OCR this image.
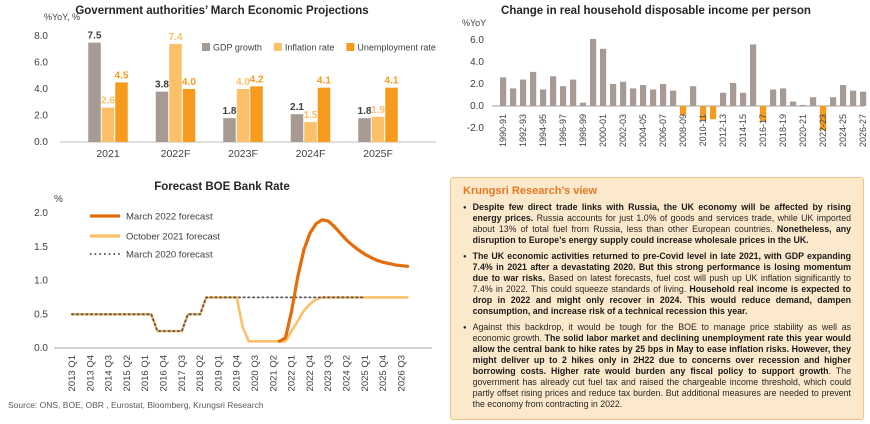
Government authorities’ March Economic Projections
%YoY, %
0.0
2.0
4.0
6.0
8.0
2021
7.5
2.6
4.5
2022F
3.8
7.4
4.0
2023F
1.8
4.0 4.2
2024F
2.1
1.5
4.1
2025F
1.8 1.9
4.1
GDP growth	Inflation rate	Unemployment rate
Change in real household disposable income per person
%YoY
-2.0
0.0
2.0
4.0
6.0
1990-91 1992-93 1994-95 1996-97 1998-99 2000-01 2002-03 2004-05 2006-07 2008-09 2010-11 2012-13 2014-15 2016-17 2018-19 2020-21 2022-23 2024-25 2026-27
Forecast BOE Bank Rate
%
0.0
0.5
1.0
1.5
2.0
2013 Q1 2013 Q4 2014 Q3 2015 Q2 2016 Q1 2016 Q4 2017 Q3 2018 Q2 2019 Q1 2019 Q4 2020 Q3 2021 Q2 2022 Q1 2022 Q4 2023 Q3 2024 Q2 2025 Q1 2025 Q4 2026 Q3
March 2022 forecast
October 2021 forecast
March 2020 forecast
Source: ONS, BOE, OBR , Eurostat, Bloomberg, Krungsri Research
Krungsri Research’s view
● Despite few direct trade links with Russia, the UK economy will be affected by rising energy prices. Russia accounts for just 1.0% of goods and services trade, while UK imported about 13% of total fuel from Russia, less than other European countries. Nonetheless, any disruption to Europe’s energy supply could increase wholesale prices in the UK.
● The UK economic activities returned to pre-Covid level in late 2021, with GDP expanding 7.4% in 2021 after a devastating 2020. But this strong performance is losing momentum due to war risks. Based on latest forecasts, fuel cost will push up UK inflation significantly to 7.4% in 2022. This could squeeze standards of living. Household real income is expected to drop in 2022 and might only recover in 2024. This would reduce demand, dampen consumption, and increase risk of a technical recession this year.
● Against this backdrop, it would be tough for the BOE to manage price stability as well as economic growth. The solid labor market and declining unemployment rate this year would allow the central bank to hike rates by 25 bps in May to ease inflation risks. However, they might deliver up to 2 hikes only in 2H22 due to concerns over recession and higher borrowing costs. Higher rate would burden any fiscal policy to support growth. The government has already cut fuel tax and raised the chargeable income threshold, which could partly offset rising prices and reduce tax burden. But additional measures are needed to prevent the economy from contracting in 2022.
